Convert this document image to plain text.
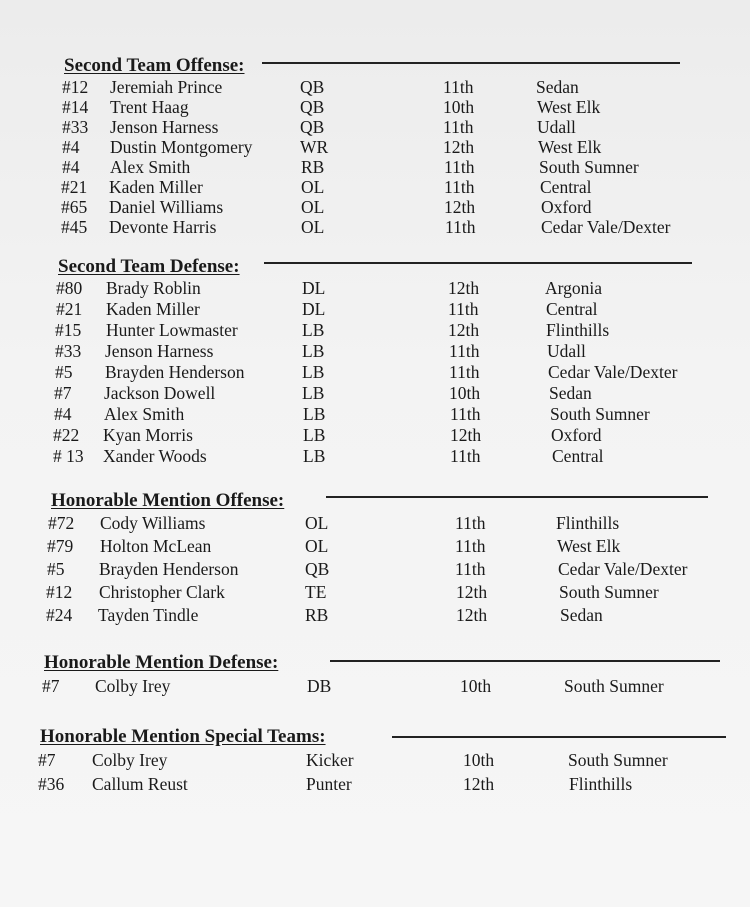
Second Team Offense:
#12 Jeremiah Prince	QB	11th	Sedan
#14 Trent Haag	QB	10th	West Elk
#33 Jenson Harness	QB	11th	Udall
#4 Dustin Montgomery	WR	12th	West Elk
#4 Alex Smith	RB	11th	South Sumner
#21 Kaden Miller	OL	11th	Central
#65 Daniel Williams	OL	12th	Oxford
#45 Devonte Harris	OL	11th	Cedar Vale/Dexter
Second Team Defense:
#80 Brady Roblin	DL	12th	Argonia
#21 Kaden Miller	DL	11th	Central
#15 Hunter Lowmaster	LB	12th	Flinthills
#33 Jenson Harness	LB	11th	Udall
#5 Brayden Henderson	LB	11th	Cedar Vale/Dexter
#7 Jackson Dowell	LB	10th	Sedan
#4 Alex Smith	LB	11th	South Sumner
#22 Kyan Morris	LB	12th	Oxford
# 13 Xander Woods	LB	11th	Central
Honorable Mention Offense:
#72 Cody Williams	OL	11th	Flinthills
#79 Holton McLean	OL	11th	West Elk
#5 Brayden Henderson	QB	11th	Cedar Vale/Dexter
#12 Christopher Clark	TE	12th	South Sumner
#24 Tayden Tindle	RB	12th	Sedan
Honorable Mention Defense:
#7 Colby Irey	DB	10th	South Sumner
Honorable Mention Special Teams:
#7 Colby Irey	Kicker	10th	South Sumner
#36 Callum Reust	Punter	12th	Flinthills
